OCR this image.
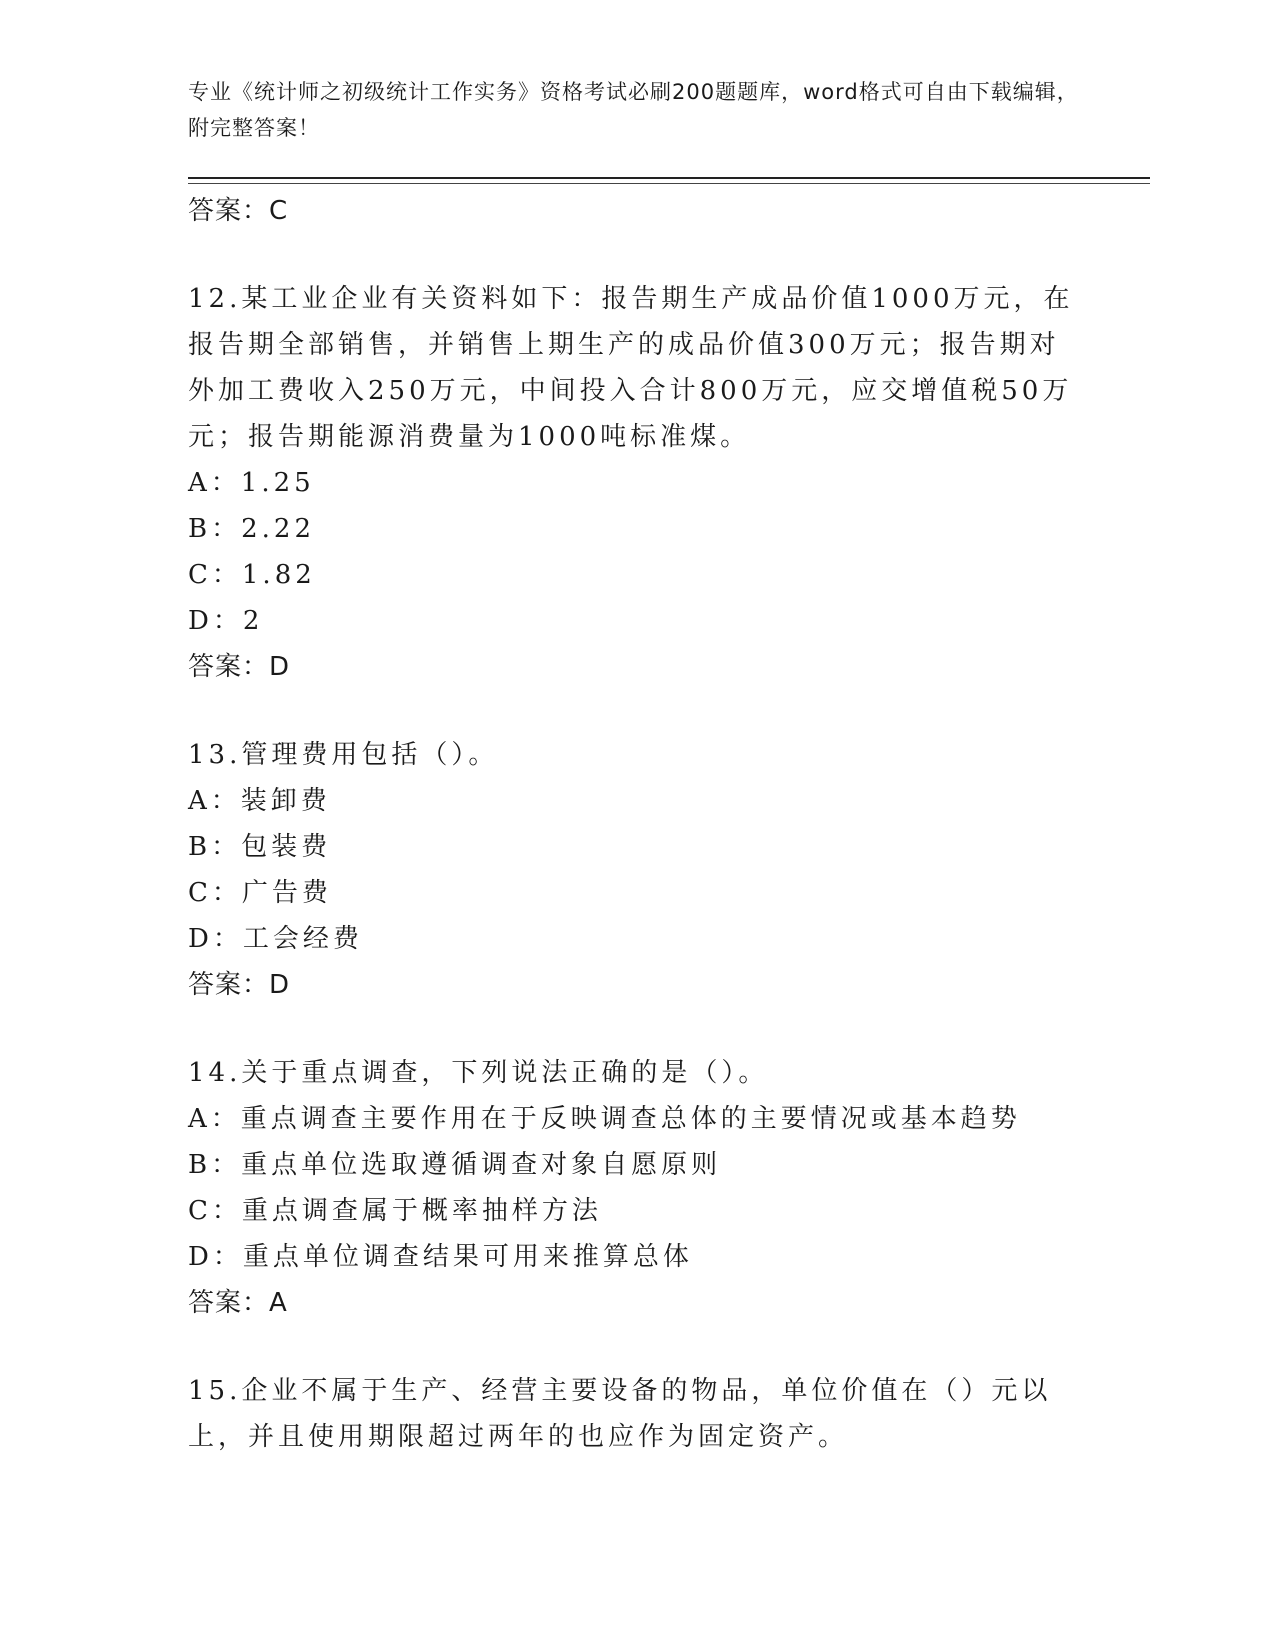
专业《统计师之初级统计工作实务》资格考试必刷200题题库，word格式可自由下载编辑，附完整答案！
答案：C

12.某工业企业有关资料如下：报告期生产成品价值1000万元，在报告期全部销售，并销售上期生产的成品价值300万元；报告期对外加工费收入250万元，中间投入合计800万元，应交增值税50万元；报告期能源消费量为1000吨标准煤。

A：1.25
B：2.22
C：1.82
D：2
答案：D

13.管理费用包括（）。

A：装卸费
B：包装费
C：广告费
D：工会经费
答案：D

14.关于重点调查，下列说法正确的是（）。

A：重点调查主要作用在于反映调查总体的主要情况或基本趋势
B：重点单位选取遵循调查对象自愿原则
C：重点调查属于概率抽样方法
D：重点单位调查结果可用来推算总体
答案：A

15.企业不属于生产、经营主要设备的物品，单位价值在（）元以上，并且使用期限超过两年的也应作为固定资产。
